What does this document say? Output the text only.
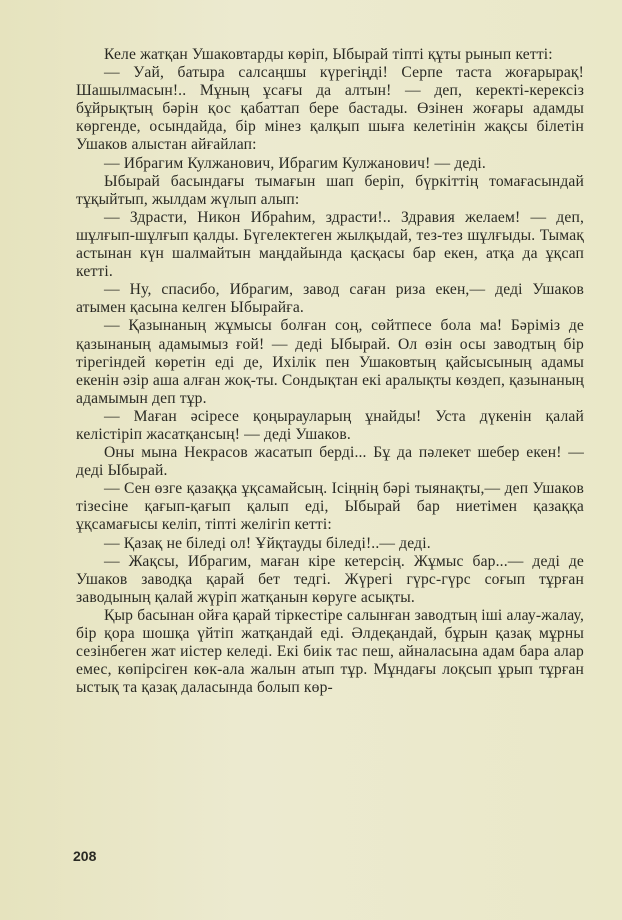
Келе жатқан Ушаковтарды көріп, Ыбырай тіпті құты рынып кетті:

— Уай, батыра салсаңшы күрегіңді! Серпе таста жоғарырақ! Шашылмасын!.. Мұның ұсағы да алтын! — деп, керекті-керексіз бұйрықтың бәрін қос қабаттап бере бастады. Өзінен жоғары адамды көргенде, осындайда, бір мінез қалқып шыға келетінін жақсы білетін Ушаков алыстан айғайлап:

— Ибрагим Кулжанович, Ибрагим Кулжанович! — деді.

Ыбырай басындағы тымағын шап беріп, бүркіттің томағасындай тұқыйтып, жылдам жүлып алып:

— Здрасти, Никон Ибраһим, здрасти!.. Здравия желаем! — деп, шұлғып-шұлғып қалды. Бүгелектеген жылқыдай, тез-тез шұлғыды. Тымақ астынан күн шалмайтын маңдайында қасқасы бар екен, атқа да ұқсап кетті.

— Ну, спасибо, Ибрагим, завод саған риза екен,— деді Ушаков атымен қасына келген Ыбырайға.

— Қазынаның жұмысы болған соң, сөйтпесе бола ма! Бәріміз де қазынаның адамымыз ғой! — деді Ыбырай. Ол өзін осы заводтың бір тірегіндей көретін еді де, Ихілік пен Ушаковтың қайсысының адамы екенін әзір аша алған жоқ-ты. Сондықтан екі аралықты көздеп, қазынаның адамымын деп тұр.

— Маған әсіресе қоңырауларың ұнайды! Уста дүкенін қалай келістіріп жасатқансың! — деді Ушаков.

Оны мына Некрасов жасатып берді... Бұ да пәлекет шебер екен! — деді Ыбырай.

— Сен өзге қазаққа ұқсамайсың. Ісіңнің бәрі тыянақты,— деп Ушаков тізесіне қағып-қағып қалып еді, Ыбырай бар ниетімен қазаққа ұқсамағысы келіп, тіпті желігіп кетті:

— Қазақ не біледі ол! Ұйқтауды біледі!..— деді.

— Жақсы, Ибрагим, маған кіре кетерсің. Жұмыс бар...— деді де Ушаков заводқа қарай бет тедгі. Жүрегі гүрс-гүрс соғып тұрған заводының қалай жүріп жатқанын көруге асықты.

Қыр басынан ойға қарай тіркестіре салынған заводтың іші алау-жалау, бір қора шошқа үйтіп жатқандай еді. Әлдеқандай, бұрын қазақ мұрны сезінбеген жат иістер келеді. Екі биік тас пеш, айналасына адам бара алар емес, көпірсіген көк-ала жалын атып тұр. Мұндағы лоқсып ұрып тұрған ыстық та қазақ даласында болып көр-

208
